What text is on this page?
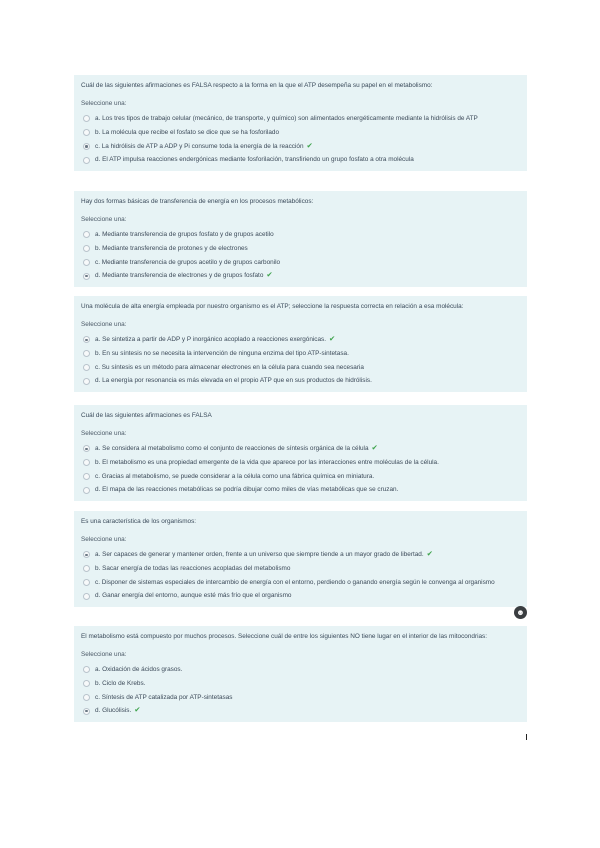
Cuál de las siguientes afirmaciones es FALSA respecto a la forma en la que el ATP desempeña su papel en el metabolismo:
Seleccione una:
a. Los tres tipos de trabajo celular (mecánico, de transporte, y químico) son alimentados energéticamente mediante la hidrólisis de ATP
b. La molécula que recibe el fosfato se dice que se ha fosforilado
c. La hidrólisis de ATP a ADP y Pi consume toda la energía de la reacción ✔
d. El ATP impulsa reacciones endergónicas mediante fosforilación, transfiriendo un grupo fosfato a otra molécula
Hay dos formas básicas de transferencia de energía en los procesos metabólicos:
Seleccione una:
a. Mediante transferencia de grupos fosfato y de grupos acetilo
b. Mediante transferencia de protones y de electrones
c. Mediante transferencia de grupos acetilo y de grupos carbonilo
d. Mediante transferencia de electrones y de grupos fosfato ✔
Una molécula de alta energía empleada por nuestro organismo es el ATP; seleccione la respuesta correcta en relación a esa molécula:
Seleccione una:
a. Se sintetiza a partir de ADP y P inorgánico acoplado a reacciones exergónicas. ✔
b. En su síntesis no se necesita la intervención de ninguna enzima del tipo ATP-sintetasa.
c. Su síntesis es un método para almacenar electrones en la célula para cuando sea necesaria
d. La energía por resonancia es más elevada en el propio ATP que en sus productos de hidrólisis.
Cuál de las siguientes afirmaciones es FALSA
Seleccione una:
a. Se considera al metabolismo como el conjunto de reacciones de síntesis orgánica de la célula ✔
b. El metabolismo es una propiedad emergente de la vida que aparece por las interacciones entre moléculas de la célula.
c. Gracias al metabolismo, se puede considerar a la célula como una fábrica química en miniatura.
d. El mapa de las reacciones metabólicas se podría dibujar como miles de vías metabólicas que se cruzan.
Es una característica de los organismos:
Seleccione una:
a. Ser capaces de generar y mantener orden, frente a un universo que siempre tiende a un mayor grado de libertad. ✔
b. Sacar energía de todas las reacciones acopladas del metabolismo
c. Disponer de sistemas especiales de intercambio de energía con el entorno, perdiendo o ganando energía según le convenga al organismo
d. Ganar energía del entorno, aunque esté más frío que el organismo
El metabolismo está compuesto por muchos procesos. Seleccione cuál de entre los siguientes NO tiene lugar en el interior de las mitocondrias:
Seleccione una:
a. Oxidación de ácidos grasos.
b. Ciclo de Krebs.
c. Síntesis de ATP catalizada por ATP-sintetasas
d. Glucólisis. ✔
☻
